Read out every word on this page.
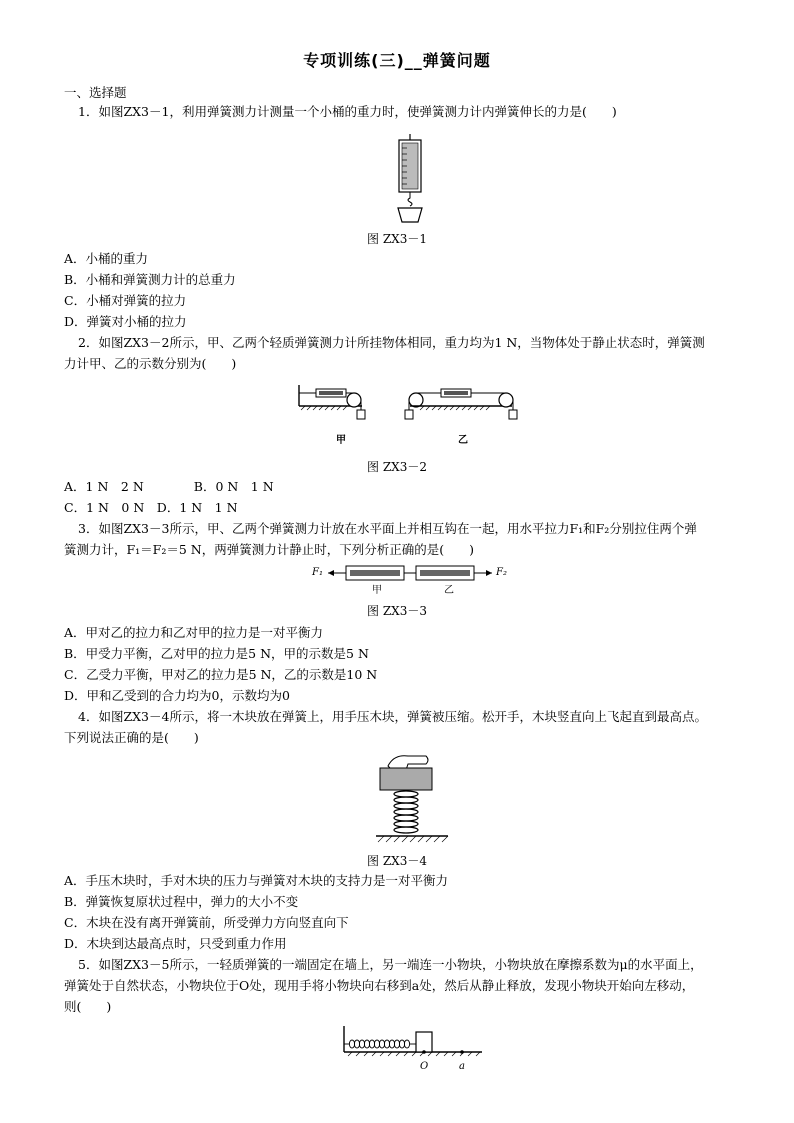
专项训练(三)__弹簧问题
一、选择题
1．如图ZX3－1，利用弹簧测力计测量一个小桶的重力时，使弹簧测力计内弹簧伸长的力是(　　)
图 ZX3－1
A．小桶的重力
B．小桶和弹簧测力计的总重力
C．小桶对弹簧的拉力
D．弹簧对小桶的拉力
2．如图ZX3－2所示，甲、乙两个轻质弹簧测力计所挂物体相同，重力均为1 N，当物体处于静止状态时，弹簧测
力计甲、乙的示数分别为(　　)
甲	乙
图 ZX3－2
A．1 N　2 N　　　　B．0 N　1 N
C．1 N　0 N　D．1 N　1 N
3．如图ZX3－3所示，甲、乙两个弹簧测力计放在水平面上并相互钩在一起，用水平拉力F₁和F₂分别拉住两个弹
簧测力计，F₁＝F₂＝5 N，两弹簧测力计静止时，下列分析正确的是(　　)
F₁	F₂
甲	乙
图 ZX3－3
A．甲对乙的拉力和乙对甲的拉力是一对平衡力
B．甲受力平衡，乙对甲的拉力是5 N，甲的示数是5 N
C．乙受力平衡，甲对乙的拉力是5 N，乙的示数是10 N
D．甲和乙受到的合力均为0，示数均为0
4．如图ZX3－4所示，将一木块放在弹簧上，用手压木块，弹簧被压缩。松开手，木块竖直向上飞起直到最高点。
下列说法正确的是(　　)
图 ZX3－4
A．手压木块时，手对木块的压力与弹簧对木块的支持力是一对平衡力
B．弹簧恢复原状过程中，弹力的大小不变
C．木块在没有离开弹簧前，所受弹力方向竖直向下
D．木块到达最高点时，只受到重力作用
5．如图ZX3－5所示，一轻质弹簧的一端固定在墙上，另一端连一小物块，小物块放在摩擦系数为μ的水平面上，
弹簧处于自然状态，小物块位于O处，现用手将小物块向右移到a处，然后从静止释放，发现小物块开始向左移动，
则(　　)
O	a
